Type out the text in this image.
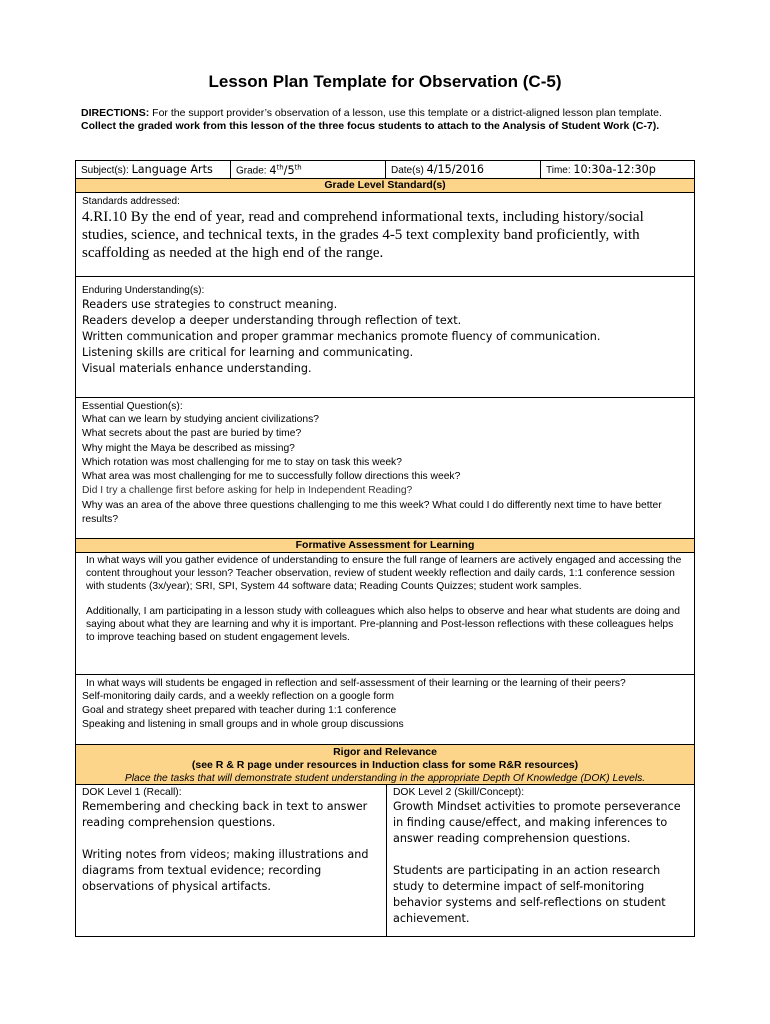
Lesson Plan Template for Observation (C-5)
DIRECTIONS: For the support provider’s observation of a lesson, use this template or a district-aligned lesson plan template. Collect the graded work from this lesson of the three focus students to attach to the Analysis of Student Work (C-7).
Subject(s): Language Arts	Grade: 4th/5th	Date(s) 4/15/2016	Time: 10:30a-12:30p
Grade Level Standard(s)
Standards addressed:
4.RI.10 By the end of year, read and comprehend informational texts, including history/social studies, science, and technical texts, in the grades 4-5 text complexity band proficiently, with scaffolding as needed at the high end of the range.
Enduring Understanding(s):
Readers use strategies to construct meaning.
Readers develop a deeper understanding through reflection of text.
Written communication and proper grammar mechanics promote fluency of communication.
Listening skills are critical for learning and communicating.
Visual materials enhance understanding.
Essential Question(s):
What can we learn by studying ancient civilizations?
What secrets about the past are buried by time?
Why might the Maya be described as missing?
Which rotation was most challenging for me to stay on task this week?
What area was most challenging for me to successfully follow directions this week?
Did I try a challenge first before asking for help in Independent Reading?
Why was an area of the above three questions challenging to me this week? What could I do differently next time to have better results?
Formative Assessment for Learning
In what ways will you gather evidence of understanding to ensure the full range of learners are actively engaged and accessing the content throughout your lesson? Teacher observation, review of student weekly reflection and daily cards, 1:1 conference session with students (3x/year); SRI, SPI, System 44 software data; Reading Counts Quizzes; student work samples.
Additionally, I am participating in a lesson study with colleagues which also helps to observe and hear what students are doing and saying about what they are learning and why it is important. Pre-planning and Post-lesson reflections with these colleagues helps to improve teaching based on student engagement levels.
In what ways will students be engaged in reflection and self-assessment of their learning or the learning of their peers?
Self-monitoring daily cards, and a weekly reflection on a google form
Goal and strategy sheet prepared with teacher during 1:1 conference
Speaking and listening in small groups and in whole group discussions
Rigor and Relevance
(see R & R page under resources in Induction class for some R&R resources)
Place the tasks that will demonstrate student understanding in the appropriate Depth Of Knowledge (DOK) Levels.
DOK Level 1 (Recall):
Remembering and checking back in text to answer reading comprehension questions.
Writing notes from videos; making illustrations and diagrams from textual evidence; recording observations of physical artifacts.
DOK Level 2 (Skill/Concept):
Growth Mindset activities to promote perseverance in finding cause/effect, and making inferences to answer reading comprehension questions.
Students are participating in an action research study to determine impact of self-monitoring behavior systems and self-reflections on student achievement.
